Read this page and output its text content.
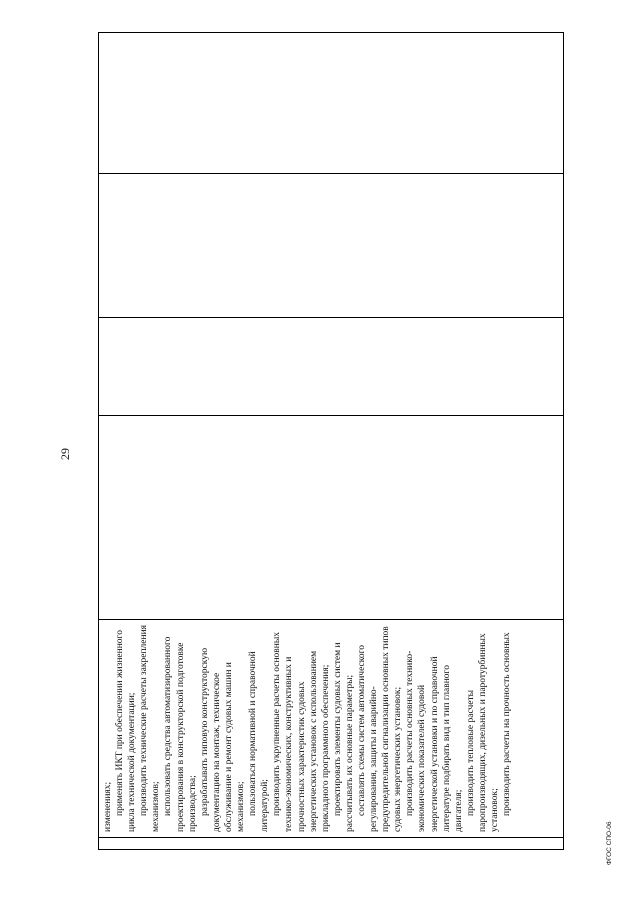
29
изменениях; применять ИКТ при обеспечении жизненного цикла технической документации; производить технические расчеты закрепления механизмов; использовать средства автоматизированного проектирования в конструкторской подготовке производства; разрабатывать типовую конструкторскую документацию на монтаж, техническое обслуживание и ремонт судовых машин и механизмов; пользоваться нормативной и справочной литературой; производить укрупненные расчеты основных технико-экономических, конструктивных и прочностных характеристик судовых энергетических установок с использованием прикладного программного обеспечения; проектировать элементы судовых систем и рассчитывать их основные параметры; составлять схемы систем автоматического регулирования, защиты и аварийно- предупредительной сигнализации основных типов судовых энергетических установок; производить расчеты основных технико- экономических показателей судовой энергетической установки и по справочной литературе подбирать вид и тип главного двигателя; производить тепловые расчеты паропроизводящих, дизельных и паротурбинных установок; производить расчеты на прочность основных
ФГОС СПО-06
